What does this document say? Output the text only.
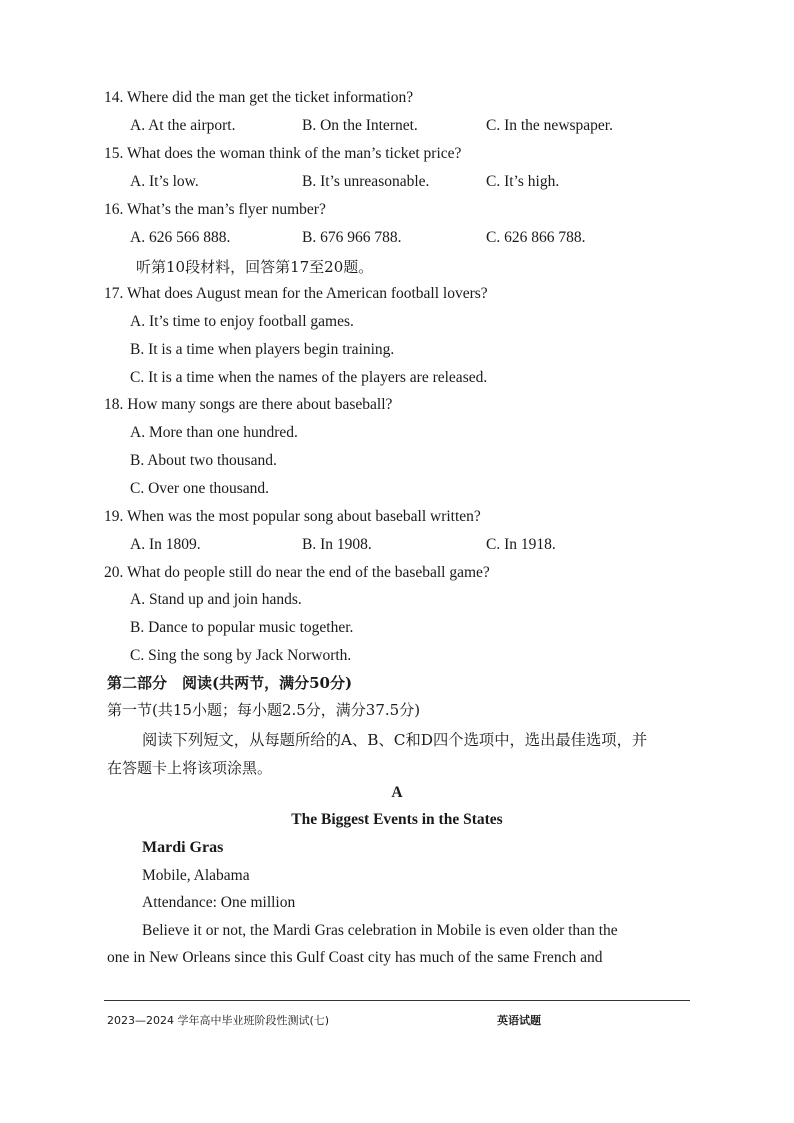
14. Where did the man get the ticket information?
A. At the airport.	B. On the Internet.	C. In the newspaper.
15. What does the woman think of the man’s ticket price?
A. It’s low.	B. It’s unreasonable.	C. It’s high.
16. What’s the man’s flyer number?
A. 626 566 888.	B. 676 966 788.	C. 626 866 788.
听第10段材料，回答第17至20题。
17. What does August mean for the American football lovers?
A. It’s time to enjoy football games.
B. It is a time when players begin training.
C. It is a time when the names of the players are released.
18. How many songs are there about baseball?
A. More than one hundred.
B. About two thousand.
C. Over one thousand.
19. When was the most popular song about baseball written?
A. In 1809.	B. In 1908.	C. In 1918.
20. What do people still do near the end of the baseball game?
A. Stand up and join hands.
B. Dance to popular music together.
C. Sing the song by Jack Norworth.
第二部分　阅读(共两节，满分50分)
第一节(共15小题；每小题2.5分，满分37.5分)
阅读下列短文，从每题所给的A、B、C和D四个选项中，选出最佳选项，并
在答题卡上将该项涂黑。
A
The Biggest Events in the States
Mardi Gras
Mobile, Alabama
Attendance: One million
Believe it or not, the Mardi Gras celebration in Mobile is even older than the
one in New Orleans since this Gulf Coast city has much of the same French and
2023—2024 学年高中毕业班阶段性测试(七)	英语试题
